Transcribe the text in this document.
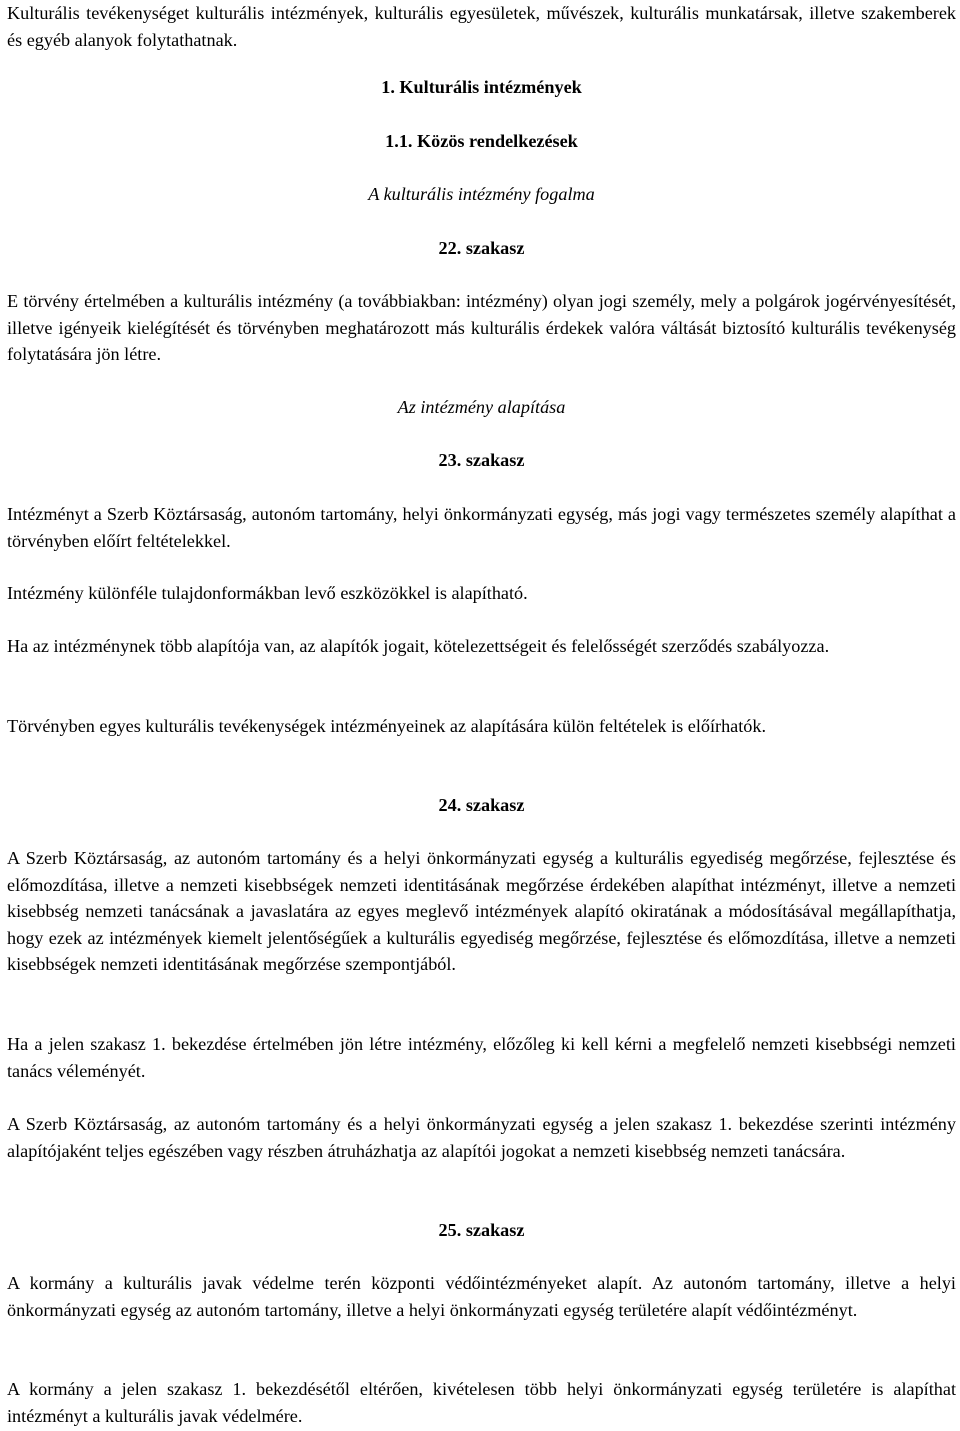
Kulturális tevékenységet kulturális intézmények, kulturális egyesületek, művészek, kulturális munkatársak, illetve szakemberek és egyéb alanyok folytathatnak.

1. Kulturális intézmények

1.1. Közös rendelkezések

A kulturális intézmény fogalma

22. szakasz

E törvény értelmében a kulturális intézmény (a továbbiakban: intézmény) olyan jogi személy, mely a polgárok jogérvényesítését, illetve igényeik kielégítését és törvényben meghatározott más kulturális érdekek valóra váltását biztosító kulturális tevékenység folytatására jön létre.

Az intézmény alapítása

23. szakasz

Intézményt a Szerb Köztársaság, autonóm tartomány, helyi önkormányzati egység, más jogi vagy természetes személy alapíthat a törvényben előírt feltételekkel.

Intézmény különféle tulajdonformákban levő eszközökkel is alapítható.

Ha az intézménynek több alapítója van, az alapítók jogait, kötelezettségeit és felelősségét szerződés szabályozza.

Törvényben egyes kulturális tevékenységek intézményeinek az alapítására külön feltételek is előírhatók.

24. szakasz

A Szerb Köztársaság, az autonóm tartomány és a helyi önkormányzati egység a kulturális egyediség megőrzése, fejlesztése és előmozdítása, illetve a nemzeti kisebbségek nemzeti identitásának megőrzése érdekében alapíthat intézményt, illetve a nemzeti kisebbség nemzeti tanácsának a javaslatára az egyes meglevő intézmények alapító okiratának a módosításával megállapíthatja, hogy ezek az intézmények kiemelt jelentőségűek a kulturális egyediség megőrzése, fejlesztése és előmozdítása, illetve a nemzeti kisebbségek nemzeti identitásának megőrzése szempontjából.

Ha a jelen szakasz 1. bekezdése értelmében jön létre intézmény, előzőleg ki kell kérni a megfelelő nemzeti kisebbségi nemzeti tanács véleményét.

A Szerb Köztársaság, az autonóm tartomány és a helyi önkormányzati egység a jelen szakasz 1. bekezdése szerinti intézmény alapítójaként teljes egészében vagy részben átruházhatja az alapítói jogokat a nemzeti kisebbség nemzeti tanácsára.

25. szakasz

A kormány a kulturális javak védelme terén központi védőintézményeket alapít. Az autonóm tartomány, illetve a helyi önkormányzati egység az autonóm tartomány, illetve a helyi önkormányzati egység területére alapít védőintézményt.

A kormány a jelen szakasz 1. bekezdésétől eltérően, kivételesen több helyi önkormányzati egység területére is alapíthat intézményt a kulturális javak védelmére.
